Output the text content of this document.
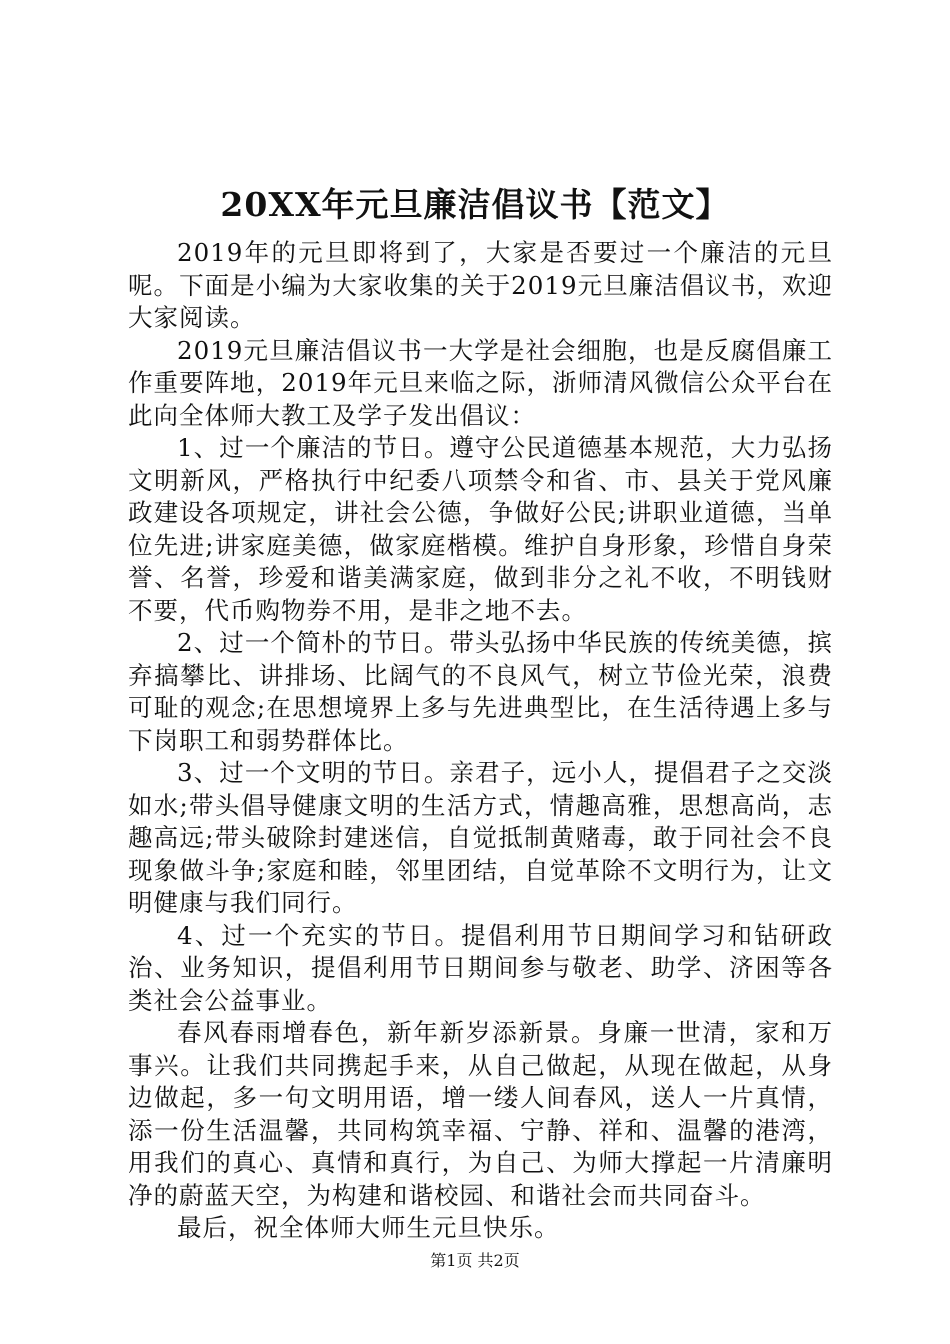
20XX年元旦廉洁倡议书【范文】

2019年的元旦即将到了，大家是否要过一个廉洁的元旦呢。下面是小编为大家收集的关于2019元旦廉洁倡议书，欢迎大家阅读。

2019元旦廉洁倡议书一大学是社会细胞，也是反腐倡廉工作重要阵地，2019年元旦来临之际，浙师清风微信公众平台在此向全体师大教工及学子发出倡议：

1、过一个廉洁的节日。遵守公民道德基本规范，大力弘扬文明新风，严格执行中纪委八项禁令和省、市、县关于党风廉政建设各项规定，讲社会公德，争做好公民;讲职业道德，当单位先进;讲家庭美德，做家庭楷模。维护自身形象，珍惜自身荣誉、名誉，珍爱和谐美满家庭，做到非分之礼不收，不明钱财不要，代币购物券不用，是非之地不去。

2、过一个简朴的节日。带头弘扬中华民族的传统美德，摈弃搞攀比、讲排场、比阔气的不良风气，树立节俭光荣，浪费可耻的观念;在思想境界上多与先进典型比，在生活待遇上多与下岗职工和弱势群体比。

3、过一个文明的节日。亲君子，远小人，提倡君子之交淡如水;带头倡导健康文明的生活方式，情趣高雅，思想高尚，志趣高远;带头破除封建迷信，自觉抵制黄赌毒，敢于同社会不良现象做斗争;家庭和睦，邻里团结，自觉革除不文明行为，让文明健康与我们同行。

4、过一个充实的节日。提倡利用节日期间学习和钻研政治、业务知识，提倡利用节日期间参与敬老、助学、济困等各类社会公益事业。

春风春雨增春色，新年新岁添新景。身廉一世清，家和万事兴。让我们共同携起手来，从自己做起，从现在做起，从身边做起，多一句文明用语，增一缕人间春风，送人一片真情，添一份生活温馨，共同构筑幸福、宁静、祥和、温馨的港湾，用我们的真心、真情和真行，为自己、为师大撑起一片清廉明净的蔚蓝天空，为构建和谐校园、和谐社会而共同奋斗。

最后，祝全体师大师生元旦快乐。

第1页 共2页
